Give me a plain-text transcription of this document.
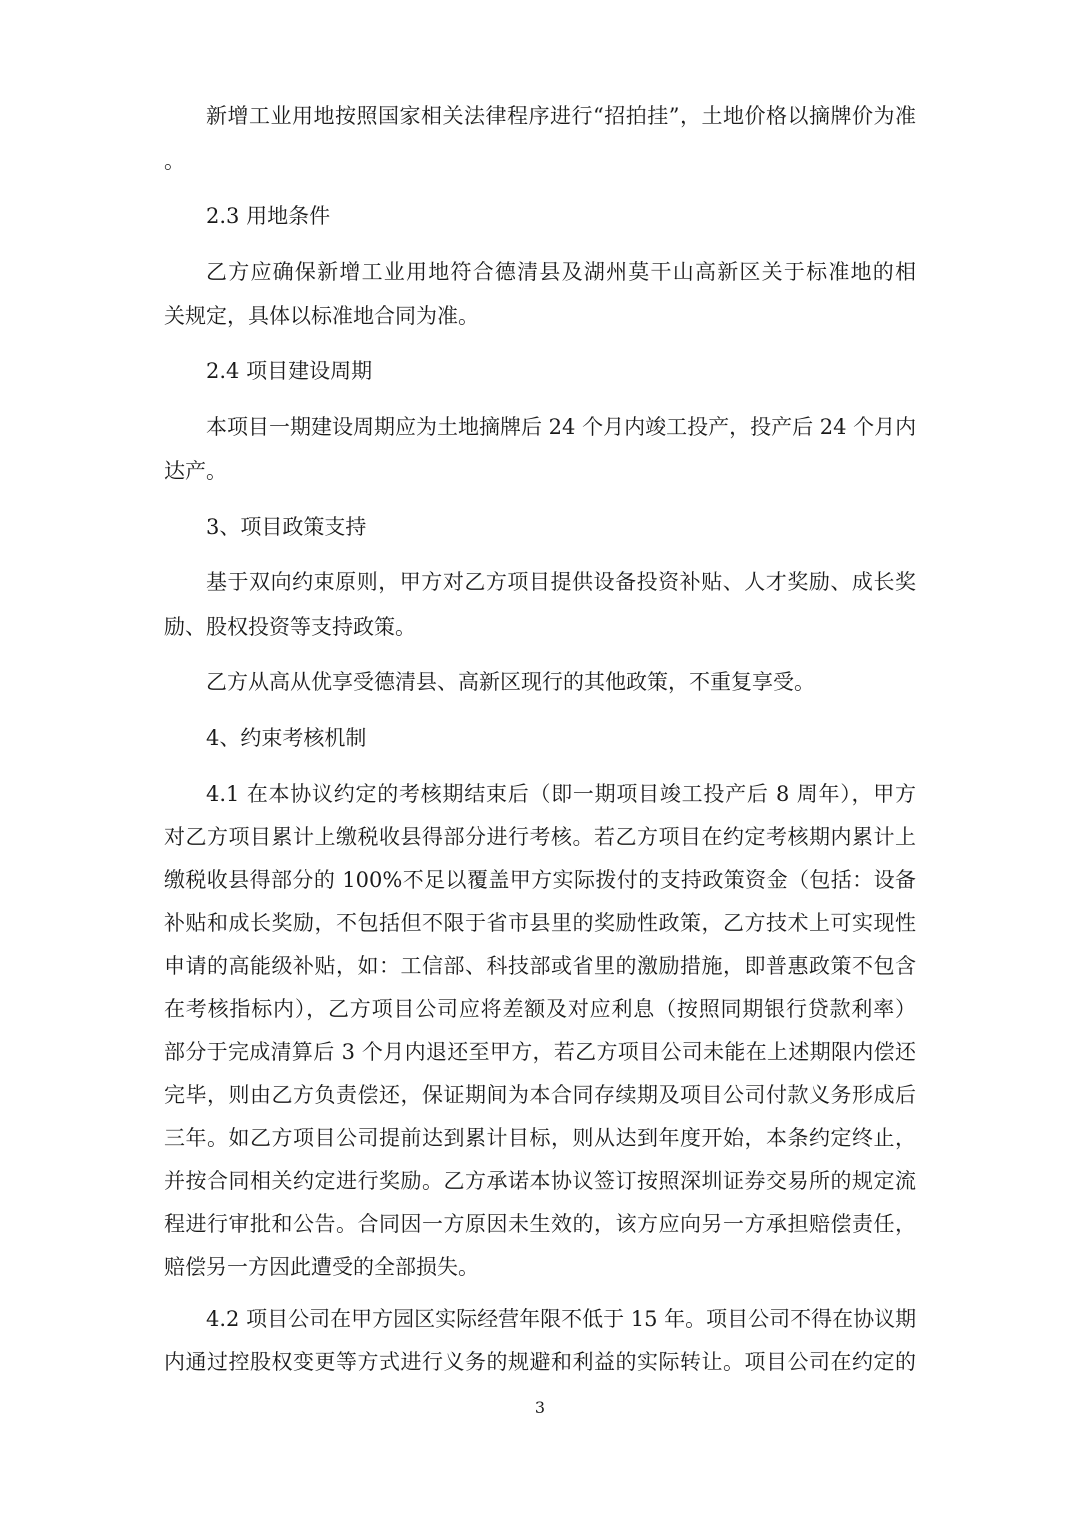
新增工业用地按照国家相关法律程序进行“招拍挂”，土地价格以摘牌价为准
。
2.3 用地条件
乙方应确保新增工业用地符合德清县及湖州莫干山高新区关于标准地的相
关规定，具体以标准地合同为准。
2.4 项目建设周期
本项目一期建设周期应为土地摘牌后 24 个月内竣工投产，投产后 24 个月内
达产。
3、项目政策支持
基于双向约束原则，甲方对乙方项目提供设备投资补贴、人才奖励、成长奖
励、股权投资等支持政策。
乙方从高从优享受德清县、高新区现行的其他政策，不重复享受。
4、约束考核机制
4.1 在本协议约定的考核期结束后（即一期项目竣工投产后 8 周年），甲方
对乙方项目累计上缴税收县得部分进行考核。若乙方项目在约定考核期内累计上
缴税收县得部分的 100%不足以覆盖甲方实际拨付的支持政策资金（包括：设备
补贴和成长奖励，不包括但不限于省市县里的奖励性政策，乙方技术上可实现性
申请的高能级补贴，如：工信部、科技部或省里的激励措施，即普惠政策不包含
在考核指标内），乙方项目公司应将差额及对应利息（按照同期银行贷款利率）
部分于完成清算后 3 个月内退还至甲方，若乙方项目公司未能在上述期限内偿还
完毕，则由乙方负责偿还，保证期间为本合同存续期及项目公司付款义务形成后
三年。如乙方项目公司提前达到累计目标，则从达到年度开始，本条约定终止，
并按合同相关约定进行奖励。乙方承诺本协议签订按照深圳证券交易所的规定流
程进行审批和公告。合同因一方原因未生效的，该方应向另一方承担赔偿责任，
赔偿另一方因此遭受的全部损失。
4.2 项目公司在甲方园区实际经营年限不低于 15 年。项目公司不得在协议期
内通过控股权变更等方式进行义务的规避和利益的实际转让。项目公司在约定的
3
